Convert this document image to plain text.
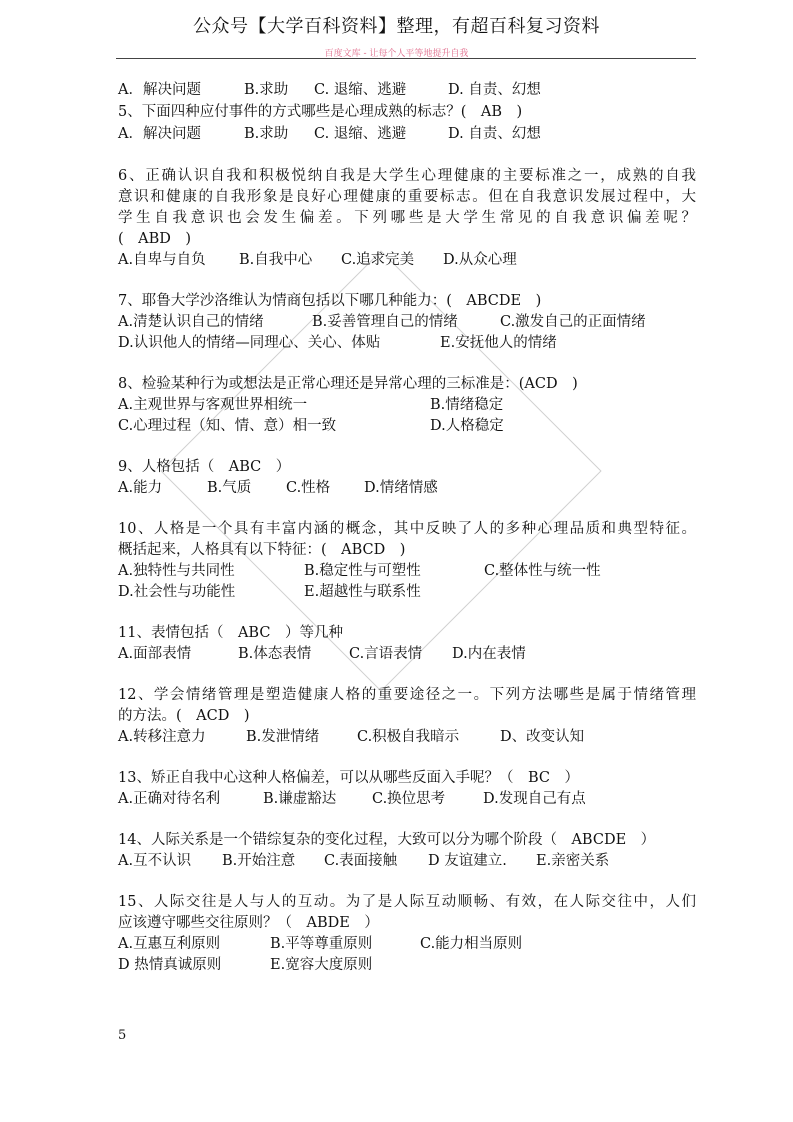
公众号【大学百科资料】整理，有超百科复习资料
百度文库 - 让每个人平等地提升自我
A．解决问题	B.求助 C. 退缩、逃避	D. 自责、幻想
5、下面四种应付事件的方式哪些是心理成熟的标志？(　AB　)
A．解决问题	B.求助 C. 退缩、逃避	D. 自责、幻想
6、正确认识自我和积极悦纳自我是大学生心理健康的主要标准之一，成熟的自我
意识和健康的自我形象是良好心理健康的重要标志。但在自我意识发展过程中，大
学生自我意识也会发生偏差。下列哪些是大学生常见的自我意识偏差呢？
(　ABD　)
A.自卑与自负 B.自我中心 C.追求完美 D.从众心理
7、耶鲁大学沙洛维认为情商包括以下哪几种能力：(　ABCDE　)
A.清楚认识自己的情绪	B.妥善管理自己的情绪	C.激发自己的正面情绪
D.认识他人的情绪—同理心、关心、体贴	E.安抚他人的情绪
8、检验某种行为或想法是正常心理还是异常心理的三标准是：(ACD　)
A.主观世界与客观世界相统一	B.情绪稳定
C.心理过程（知、情、意）相一致	D.人格稳定
9、人格包括（　ABC　）
A.能力	B.气质 C.性格 D.情绪情感
10、人格是一个具有丰富内涵的概念，其中反映了人的多种心理品质和典型特征。
概括起来，人格具有以下特征：(　ABCD　)
A.独特性与共同性	B.稳定性与可塑性	C.整体性与统一性
D.社会性与功能性	E.超越性与联系性
11、表情包括（　ABC　）等几种
A.面部表情	B.体态表情	C.言语表情 D.内在表情
12、学会情绪管理是塑造健康人格的重要途径之一。下列方法哪些是属于情绪管理
的方法。(　ACD　)
A.转移注意力	B.发泄情绪	C.积极自我暗示	D、改变认知
13、矫正自我中心这种人格偏差，可以从哪些反面入手呢？（　BC　）
A.正确对待名利	B.谦虚豁达 C.换位思考	D.发现自己有点
14、人际关系是一个错综复杂的变化过程，大致可以分为哪个阶段（　ABCDE　）
A.互不认识 B.开始注意 C.表面接触 D 友谊建立. E.亲密关系
15、人际交往是人与人的互动。为了是人际互动顺畅、有效，在人际交往中，人们
应该遵守哪些交往原则？（　ABDE　）
A.互惠互利原则	B.平等尊重原则	C.能力相当原则
D 热情真诚原则	E.宽容大度原则
5
